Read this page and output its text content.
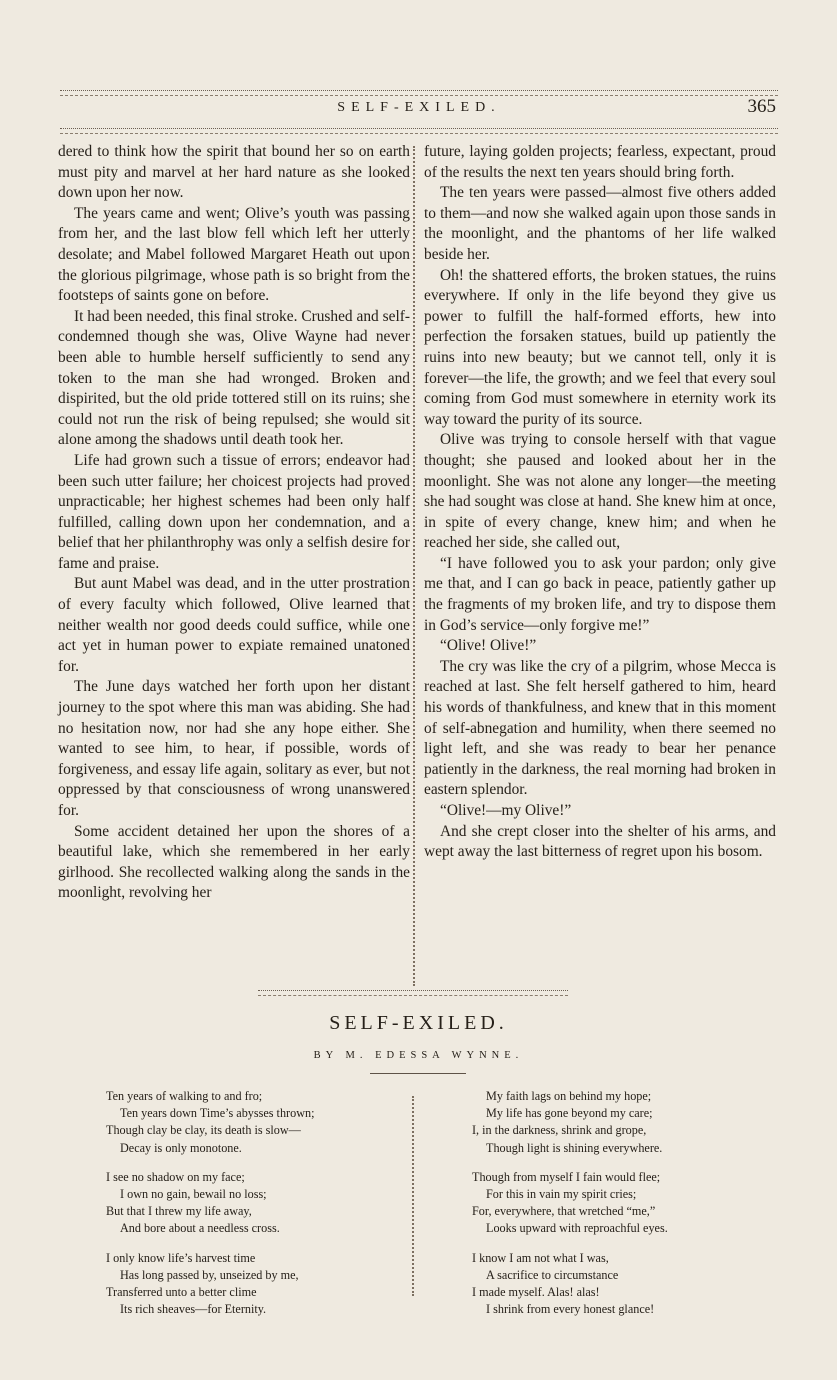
SELF-EXILED.	365

dered to think how the spirit that bound her so on earth must pity and marvel at her hard nature as she looked down upon her now.

The years came and went; Olive’s youth was passing from her, and the last blow fell which left her utterly desolate; and Mabel followed Margaret Heath out upon the glorious pilgrimage, whose path is so bright from the footsteps of saints gone on before.

It had been needed, this final stroke. Crushed and self-condemned though she was, Olive Wayne had never been able to humble herself sufficiently to send any token to the man she had wronged. Broken and dispirited, but the old pride tottered still on its ruins; she could not run the risk of being repulsed; she would sit alone among the shadows until death took her.

Life had grown such a tissue of errors; endeavor had been such utter failure; her choicest projects had proved unpracticable; her highest schemes had been only half fulfilled, calling down upon her condemnation, and a belief that her philanthrophy was only a selfish desire for fame and praise.

But aunt Mabel was dead, and in the utter prostration of every faculty which followed, Olive learned that neither wealth nor good deeds could suffice, while one act yet in human power to expiate remained unatoned for.

The June days watched her forth upon her distant journey to the spot where this man was abiding. She had no hesitation now, nor had she any hope either. She wanted to see him, to hear, if possible, words of forgiveness, and essay life again, solitary as ever, but not oppressed by that consciousness of wrong unanswered for.

Some accident detained her upon the shores of a beautiful lake, which she remembered in her early girlhood. She recollected walking along the sands in the moonlight, revolving her

future, laying golden projects; fearless, expectant, proud of the results the next ten years should bring forth.

The ten years were passed—almost five others added to them—and now she walked again upon those sands in the moonlight, and the phantoms of her life walked beside her.

Oh! the shattered efforts, the broken statues, the ruins everywhere. If only in the life beyond they give us power to fulfill the half-formed efforts, hew into perfection the forsaken statues, build up patiently the ruins into new beauty; but we cannot tell, only it is forever—the life, the growth; and we feel that every soul coming from God must somewhere in eternity work its way toward the purity of its source.

Olive was trying to console herself with that vague thought; she paused and looked about her in the moonlight. She was not alone any longer—the meeting she had sought was close at hand. She knew him at once, in spite of every change, knew him; and when he reached her side, she called out,

“I have followed you to ask your pardon; only give me that, and I can go back in peace, patiently gather up the fragments of my broken life, and try to dispose them in God’s service—only forgive me!”

“Olive! Olive!”

The cry was like the cry of a pilgrim, whose Mecca is reached at last. She felt herself gathered to him, heard his words of thankfulness, and knew that in this moment of self-abnegation and humility, when there seemed no light left, and she was ready to bear her penance patiently in the darkness, the real morning had broken in eastern splendor.

“Olive!—my Olive!”

And she crept closer into the shelter of his arms, and wept away the last bitterness of regret upon his bosom.

SELF-EXILED.
BY M. EDESSA WYNNE.
Ten years of walking to and fro;
Ten years down Time’s abysses thrown;
Though clay be clay, its death is slow—
Decay is only monotone.
I see no shadow on my face;
I own no gain, bewail no loss;
But that I threw my life away,
And bore about a needless cross.
I only know life’s harvest time
Has long passed by, unseized by me,
Transferred unto a better clime
Its rich sheaves—for Eternity.
My faith lags on behind my hope;
My life has gone beyond my care;
I, in the darkness, shrink and grope,
Though light is shining everywhere.
Though from myself I fain would flee;
For this in vain my spirit cries;
For, everywhere, that wretched “me,”
Looks upward with reproachful eyes.
I know I am not what I was,
A sacrifice to circumstance
I made myself. Alas! alas!
I shrink from every honest glance!
